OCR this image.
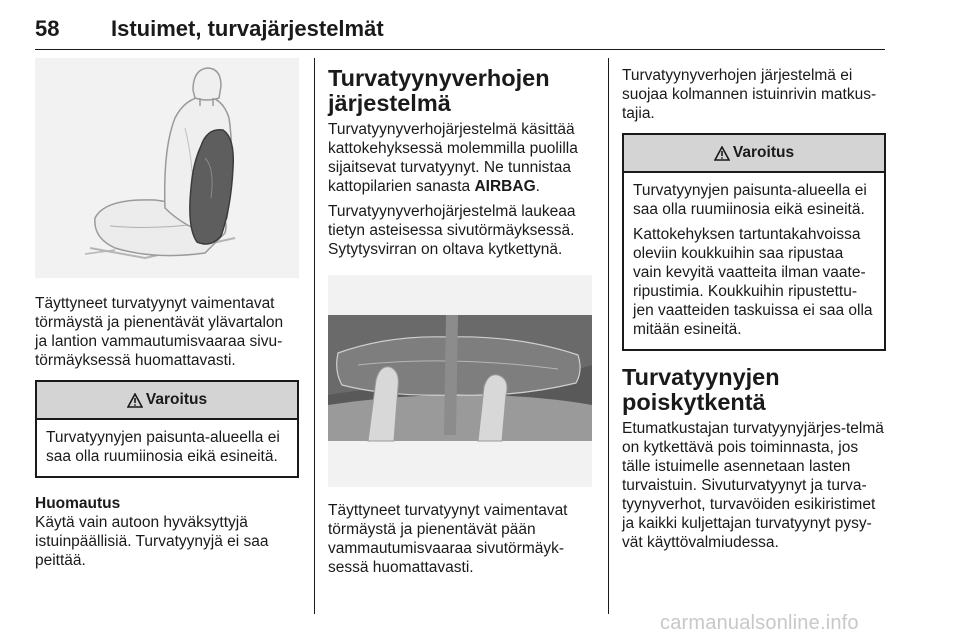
58 Istuimet, turvajärjestelmät
Täyttyneet turvatyynyt vaimentavat törmäystä ja pienentävät ylävartalon ja lantion vammautumisvaaraa sivu-törmäyksessä huomattavasti.
Varoitus

Turvatyynyjen paisunta-alueella ei saa olla ruumiinosia eikä esineitä.

Huomautus

Käytä vain autoon hyväksyttyjä istuinpäällisiä. Turvatyynyjä ei saa peittää.

Turvatyynyverhojen järjestelmä

Turvatyynyverhojärjestelmä käsittää kattokehyksessä molemmilla puolilla sijaitsevat turvatyynyt. Ne tunnistaa kattopilarien sanasta AIRBAG.

Turvatyynyverhojärjestelmä laukeaa tietyn asteisessa sivutörmäyksessä. Sytytysvirran on oltava kytkettynä.

Täyttyneet turvatyynyt vaimentavat törmäystä ja pienentävät pään vammautumisvaaraa sivutörmäyk-sessä huomattavasti.

Turvatyynyverhojen järjestelmä ei suojaa kolmannen istuinrivin matkus-tajia.

Varoitus

Turvatyynyjen paisunta-alueella ei saa olla ruumiinosia eikä esineitä.

Kattokehyksen tartuntakahvoissa oleviin koukkuihin saa ripustaa vain kevyitä vaatteita ilman vaate-ripustimia. Koukkuihin ripustettu-jen vaatteiden taskuissa ei saa olla mitään esineitä.

Turvatyynyjen poiskytkentä

Etumatkustajan turvatyynyjärjes-telmä on kytkettävä pois toiminnasta, jos tälle istuimelle asennetaan lasten turvaistuin. Sivuturvatyynyt ja turva-tyynyverhot, turvavöiden esikiristimet ja kaikki kuljettajan turvatyynyt pysy-vät käyttövalmiudessa.

carmanualsonline.info
